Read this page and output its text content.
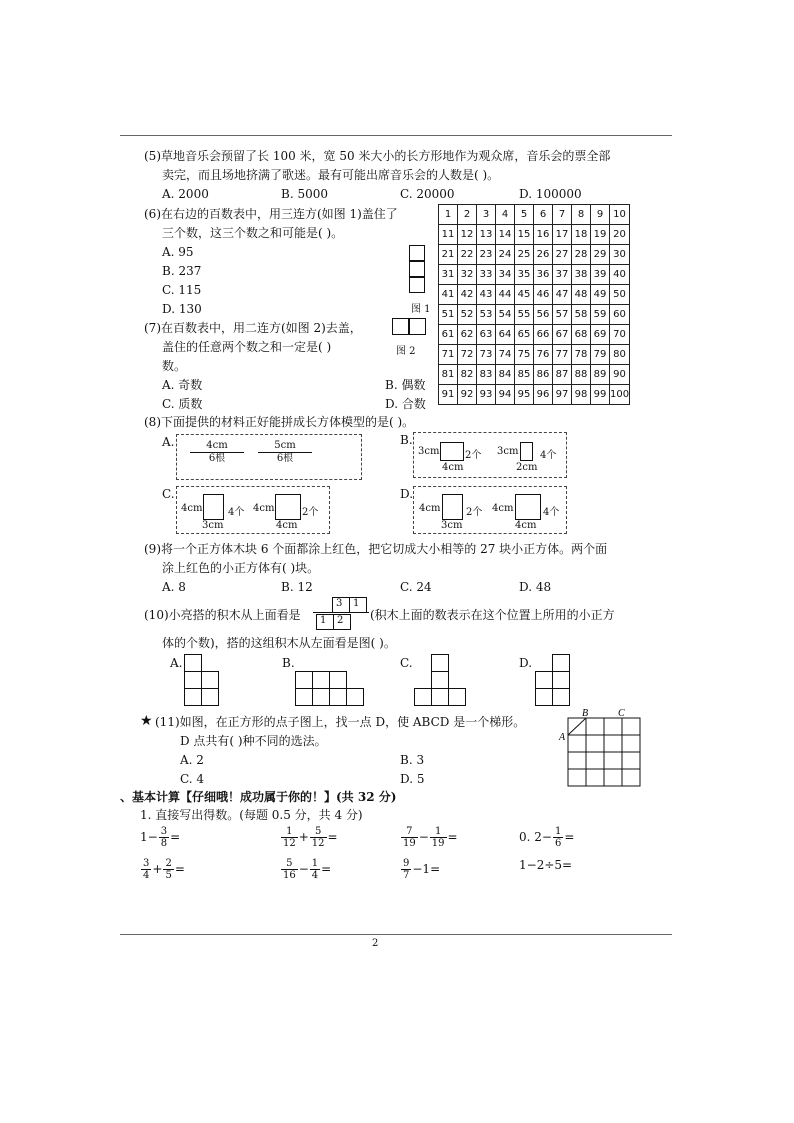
(5)草地音乐会预留了长 100 米，宽 50 米大小的长方形地作为观众席，音乐会的票全部
卖完，而且场地挤满了歌迷。最有可能出席音乐会的人数是( )。
A. 2000	B. 5000	C. 20000	D. 100000
(6)在右边的百数表中，用三连方(如图 1)盖住了
三个数，这三个数之和可能是( )。
A. 95
B. 237
C. 115
D. 130	图 1
(7)在百数表中，用二连方(如图 2)去盖，
图 2
盖住的任意两个数之和一定是( )
数。
A. 奇数	B. 偶数
C. 质数	D. 合数
1	2	3	4	5	6	7	8	9	10
11	12	13	14	15	16	17	18	19	20
21	22	23	24	25	26	27	28	29	30
31	32	33	34	35	36	37	38	39	40
41	42	43	44	45	46	47	48	49	50
51	52	53	54	55	56	57	58	59	60
61	62	63	64	65	66	67	68	69	70
71	72	73	74	75	76	77	78	79	80
81	82	83	84	85	86	87	88	89	90
91	92	93	94	95	96	97	98	99	100
(8)下面提供的材料正好能拼成长方体模型的是( )。
A.	4cm
6根
5cm
6根
B.
3cm	2个
4cm
3cm 4个
2cm
C.
4cm	4个
3cm
4cm	2个
4cm
D.
4cm	2个
3cm
4cm	4个
4cm
(9)将一个正方体木块 6 个面都涂上红色，把它切成大小相等的 27 块小正方体。两个面
涂上红色的小正方体有( )块。
A. 8	B. 12	C. 24	D. 48
(10)小亮搭的积木从上面看是
3 1
1 2 (积木上面的数表示在这个位置上所用的小正方
体的个数)，搭的这组积木从左面看是图( )。
A.	B.	C.	D.
★ (11)如图，在正方形的点子图上，找一点 D，使 ABCD 是一个梯形。
D 点共有( )种不同的选法。
A. 2	B. 3
C. 4	D. 5
A
B	C
、基本计算【仔细哦！成功属于你的！】(共 32 分)
1. 直接写出得数。(每题 0.5 分，共 4 分)
$1- \frac{3}{8}$ =	$\frac{1}{12} + \frac{5}{12}$ =	$\frac{7}{19} - \frac{1}{19}$ =	0. $2- \frac{1}{6}$ =
$\frac{3}{4} + \frac{2}{5}$ =	$\frac{5}{16} - \frac{1}{4}$ =	$\frac{9}{7} -1=$	1−2÷5=
2
